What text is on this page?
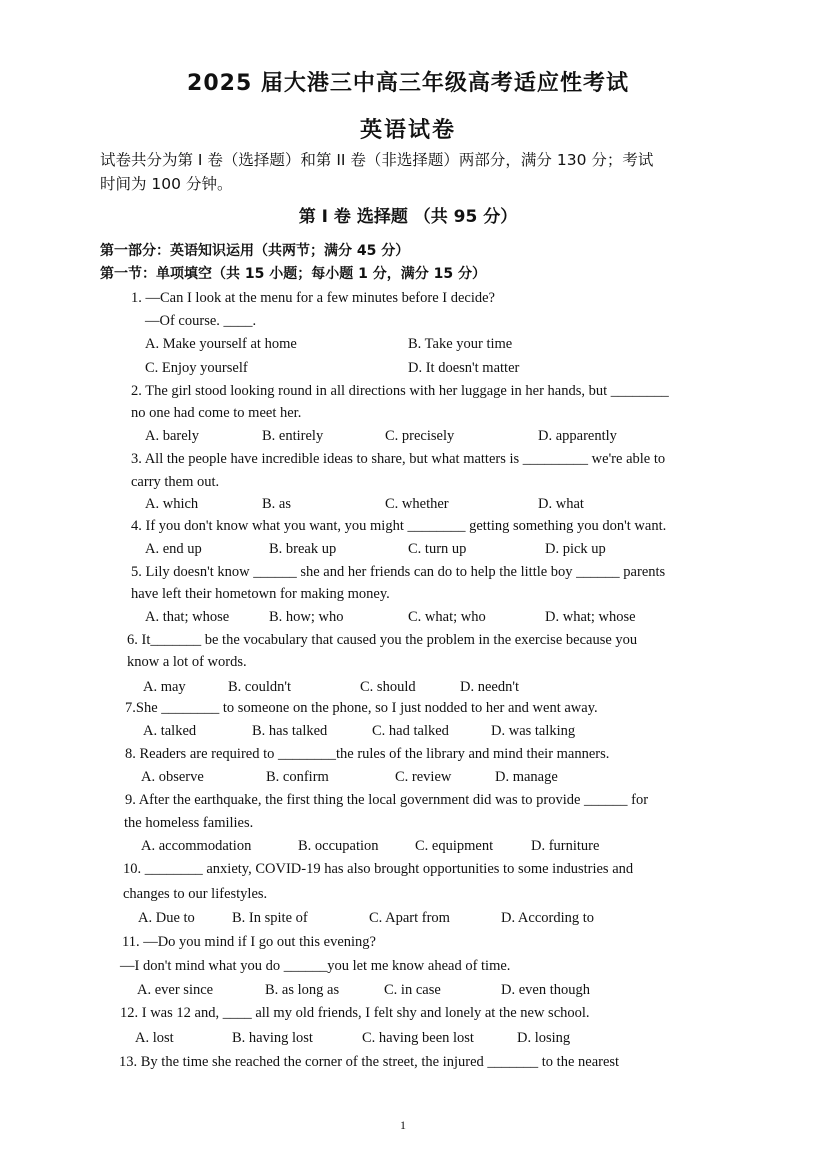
2025 届大港三中高三年级高考适应性考试
英语试卷
试卷共分为第 I 卷（选择题）和第 II 卷（非选择题）两部分，满分 130 分；考试
时间为 100 分钟。
第 I 卷 选择题 （共 95 分）
第一部分：英语知识运用（共两节；满分 45 分）
第一节：单项填空（共 15 小题；每小题 1 分，满分 15 分）
1. —Can I look at the menu for a few minutes before I decide?
—Of course. ____.
A. Make yourself at home	B. Take your time
C. Enjoy yourself	D. It doesn't matter
2. The girl stood looking round in all directions with her luggage in her hands, but ________
no one had come to meet her.
A. barely	B. entirely	C. precisely	D. apparently
3. All the people have incredible ideas to share, but what matters is _________ we're able to
carry them out.
A. which	B. as	C. whether	D. what
4. If you don't know what you want, you might ________ getting something you don't want.
A. end up	B. break up	C. turn up	D. pick up
5. Lily doesn't know ______ she and her friends can do to help the little boy ______ parents
have left their hometown for making money.
A. that; whose	B. how; who	C. what; who	D. what; whose
6. It_______ be the vocabulary that caused you the problem in the exercise because you
know a lot of words.
A. may	B. couldn't	C. should	D. needn't
7.She ________ to someone on the phone, so I just nodded to her and went away.
A. talked	B. has talked	C. had talked	D. was talking
8. Readers are required to ________the rules of the library and mind their manners.
A. observe	B. confirm	C. review	D. manage
9. After the earthquake, the first thing the local government did was to provide ______ for
the homeless families.
A. accommodation	B. occupation	C. equipment	D. furniture
10. ________ anxiety, COVID-19 has also brought opportunities to some industries and
changes to our lifestyles.
A. Due to	B. In spite of	C. Apart from	D. According to
11. —Do you mind if I go out this evening?
—I don't mind what you do ______you let me know ahead of time.
A. ever since	B. as long as	C. in case	D. even though
12. I was 12 and, ____ all my old friends, I felt shy and lonely at the new school.
A. lost	B. having lost	C. having been lost	D. losing
13. By the time she reached the corner of the street, the injured _______ to the nearest
1
